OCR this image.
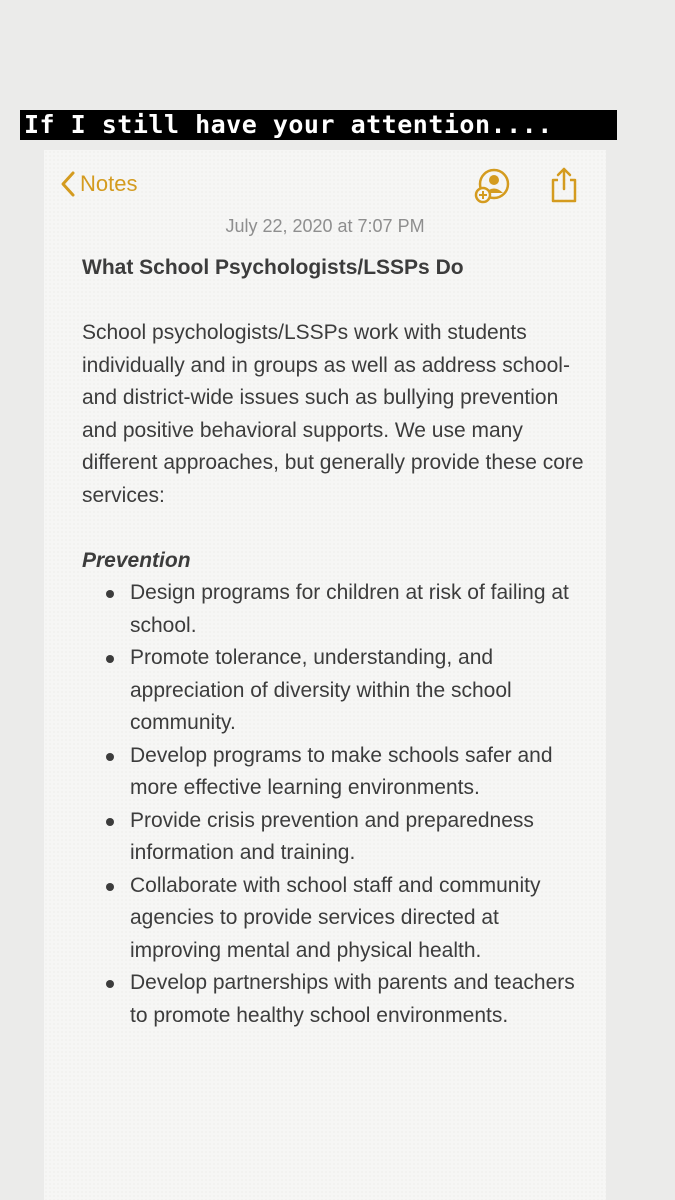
If I still have your attention....
Notes
July 22, 2020 at 7:07 PM

What School Psychologists/LSSPs Do

School psychologists/LSSPs work with students individually and in groups as well as address school- and district-wide issues such as bullying prevention and positive behavioral supports. We use many different approaches, but generally provide these core services:

Prevention

Design programs for children at risk of failing at school.
Promote tolerance, understanding, and appreciation of diversity within the school community.
Develop programs to make schools safer and more effective learning environments.
Provide crisis prevention and preparedness information and training.
Collaborate with school staff and community agencies to provide services directed at improving mental and physical health.
Develop partnerships with parents and teachers to promote healthy school environments.
